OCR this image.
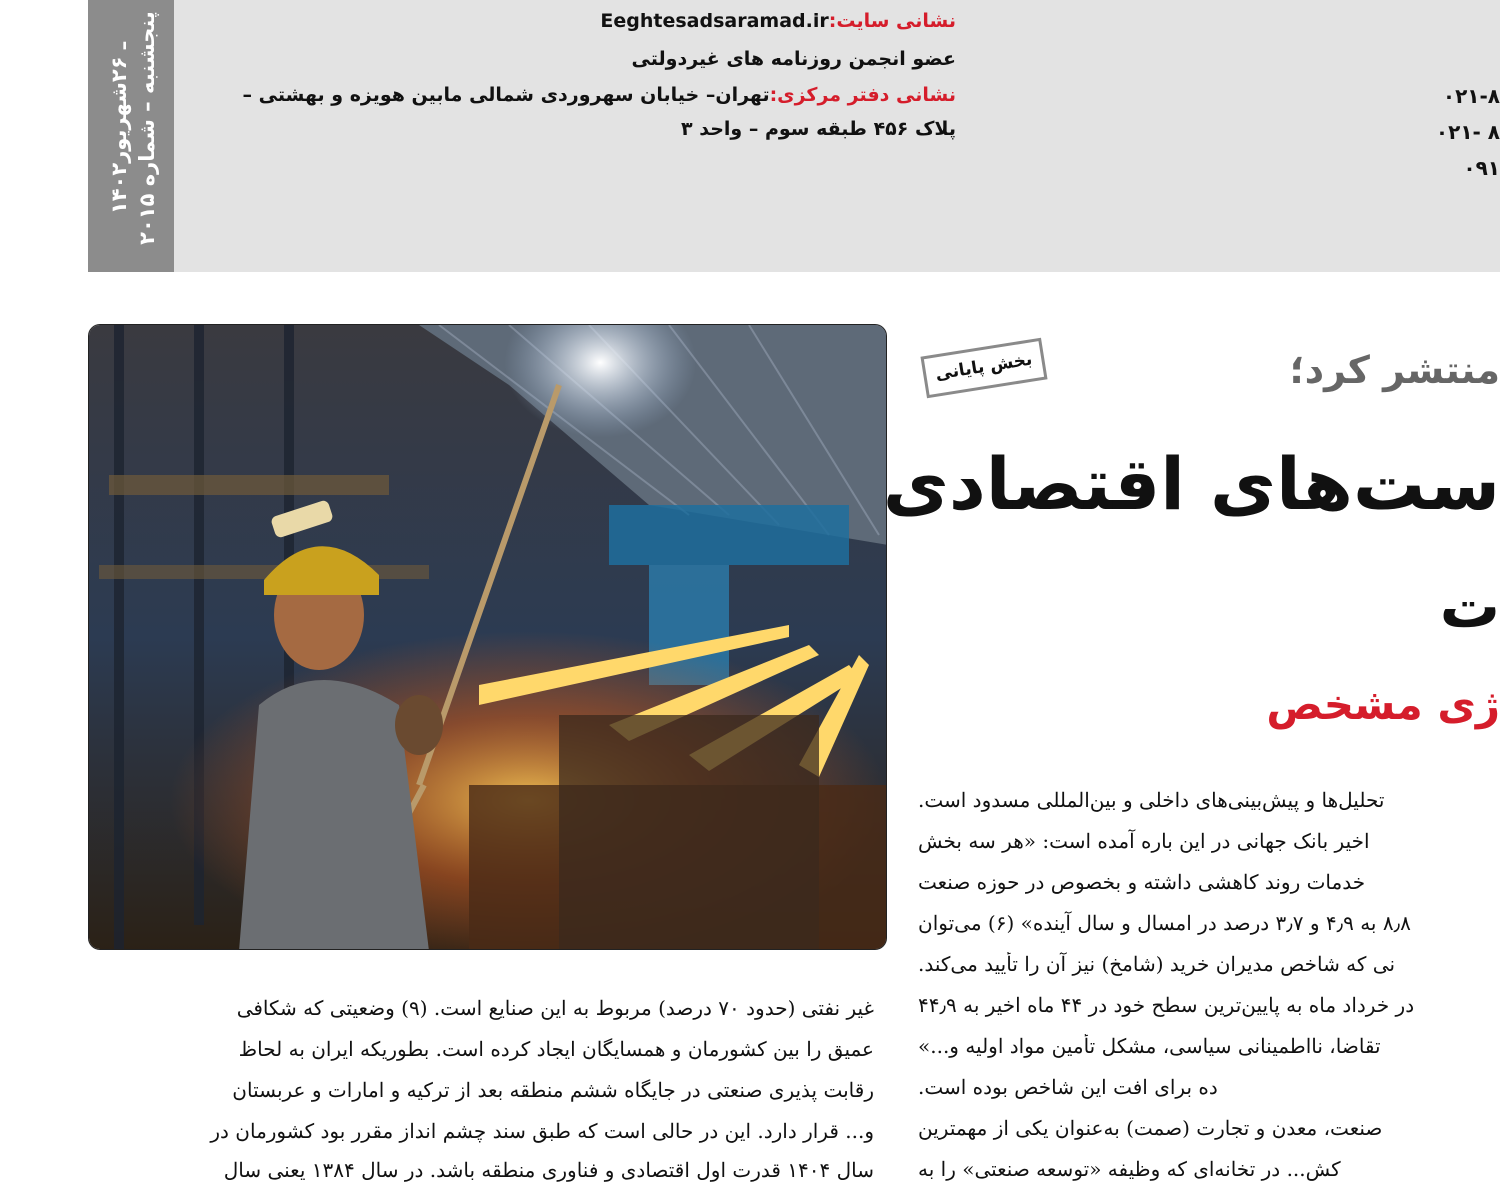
ـ ۲۶شهریور۱۴۰۲
پنجشنبه – شماره ۲۰۱۵	نشانی سایت:Eeghtesadsaramad.ir
عضو انجمن روزنامه های غیردولتی
نشانی دفتر مرکزی:تهران– خیابان سهروردی شمالی مابین هویزه و بهشتی –
پلاک ۴۵۶ طبقه سوم – واحد ۳
۰۲۱-۸
۰۲۱- ۸
۰۹۱
بخش پایانی	منتشر کرد؛
ست‌های اقتصادی
ت
ژی مشخص
تحلیل‌ها و پیش‌بینی‌های داخلی و بین‌المللی مسدود است.
اخیر بانک جهانی در این باره آمده است: «هر سه بخش
خدمات روند کاهشی داشته و بخصوص در حوزه صنعت
۸٫۸ به ۴٫۹ و ۳٫۷ درصد در امسال و سال آینده» (۶) می‌توان
نی که شاخص مدیران خرید (شامخ) نیز آن را تأیید می‌کند.
در خرداد ماه به پایین‌ترین سطح خود در ۴۴ ماه اخیر به ۴۴٫۹
تقاضا، نااطمینانی سیاسی، مشکل تأمین مواد اولیه و...»
ده برای افت این شاخص بوده است.
صنعت، معدن و تجارت (صمت) به‌عنوان یکی از مهمترین
کش... در تخانه‌ای که وظیفه «توسعه صنعتی» را به
غیر نفتی (حدود ۷۰ درصد) مربوط به این صنایع است. (۹) وضعیتی که شکافی
عمیق را بین کشورمان و همسایگان ایجاد کرده است. بطوریکه ایران به لحاظ
رقابت پذیری صنعتی در جایگاه ششم منطقه بعد از ترکیه و امارات و عربستان
و... قرار دارد. این در حالی است که طبق سند چشم انداز مقرر بود کشورمان در
سال ۱۴۰۴ قدرت اول اقتصادی و فناوری منطقه باشد. در سال ۱۳۸۴ یعنی سال
